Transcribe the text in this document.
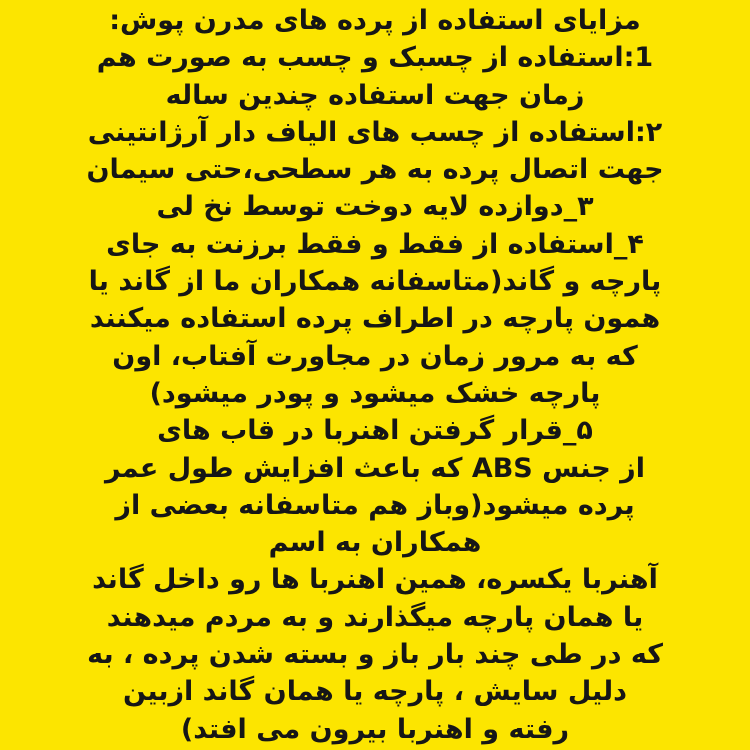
مزایای استفاده از پرده های مدرن پوش:
1:استفاده از چسبک و چسب به صورت هم
زمان جهت استفاده چندین ساله
۲:استفاده از چسب های الیاف دار آرژانتینی
جهت اتصال پرده به هر سطحی،حتی سیمان
۳_دوازده لایه دوخت توسط نخ لی
۴_استفاده از فقط و فقط برزنت به جای
پارچه و گاند(متاسفانه همکاران ما از گاند یا
همون پارچه در اطراف پرده استفاده میکنند
که به مرور زمان در مجاورت آفتاب، اون
پارچه خشک میشود و پودر میشود)
۵_قرار گرفتن اهنربا در قاب های
از جنس ABS که باعث افزایش طول عمر
پرده میشود(وباز هم متاسفانه بعضی از
همکاران به اسم
آهنربا یکسره، همین اهنربا ها رو داخل گاند
یا همان پارچه میگذارند و به مردم میدهند
که در طی چند بار باز و بسته شدن پرده ، به
دلیل سایش ، پارچه یا همان گاند ازبین
رفته و اهنربا بیرون می افتد)
